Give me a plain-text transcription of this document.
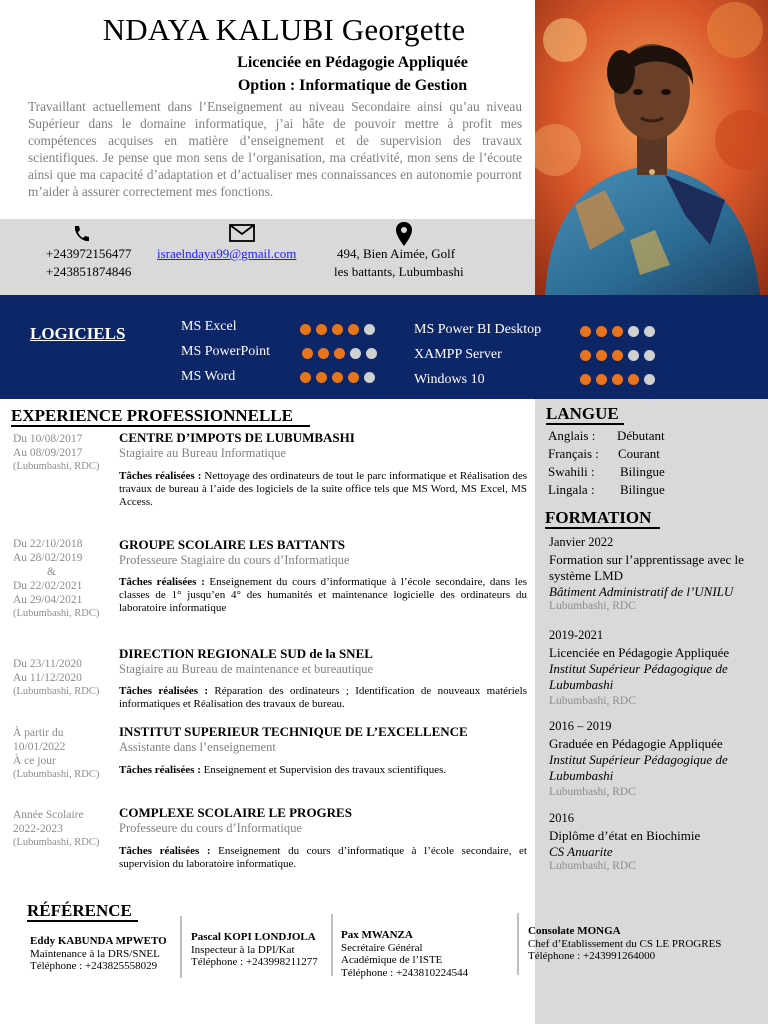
NDAYA KALUBI Georgette
Licenciée en Pédagogie Appliquée
Option : Informatique de Gestion
Travaillant actuellement dans l’Enseignement au niveau Secondaire ainsi qu’au niveau Supérieur dans le domaine informatique, j’ai hâte de pouvoir mettre à profit mes compétences acquises en matière d’enseignement et de supervision des travaux scientifiques. Je pense que mon sens de l’organisation, ma créativité, mon sens de l’écoute ainsi que ma capacité d’adaptation et d’actualiser mes connaissances en autonomie pourront m’aider à assurer correctement mes fonctions.
+243972156477
+243851874846
israelndaya99@gmail.com	494, Bien Aimée, Golf
les battants, Lubumbashi
LOGICIELS	MS Excel
MS PowerPoint
MS Word
MS Power BI Desktop
XAMPP Server
Windows 10
LANGUE
Anglais :	Débutant
Français :	Courant
Swahili :	Bilingue
Lingala :	Bilingue
FORMATION
Janvier 2022
Formation sur l’apprentissage avec le système LMD
Bâtiment Administratif de l’UNILU
Lubumbashi, RDC
2019-2021
Licenciée en Pédagogie Appliquée
Institut Supérieur Pédagogique de Lubumbashi
Lubumbashi, RDC
2016 – 2019
Graduée en Pédagogie Appliquée
Institut Supérieur Pédagogique de Lubumbashi
Lubumbashi, RDC
2016
Diplôme d’état en Biochimie
CS Anuarite
Lubumbashi, RDC
EXPERIENCE PROFESSIONNELLE
Du 10/08/2017
Au 08/09/2017
(Lubumbashi, RDC)
CENTRE D’IMPOTS DE LUBUMBASHI
Stagiaire au Bureau Informatique
Tâches réalisées : Nettoyage des ordinateurs de tout le parc informatique et Réalisation des travaux de bureau à l’aide des logiciels de la suite office tels que MS Word, MS Excel, MS Access.
Du 22/10/2018
Au 28/02/2019
&
Du 22/02/2021
Au 29/04/2021
(Lubumbashi, RDC)
GROUPE SCOLAIRE LES BATTANTS
Professeure Stagiaire du cours d’Informatique
Tâches réalisées : Enseignement du cours d’informatique à l’école secondaire, dans les classes de 1° jusqu’en 4° des humanités et maintenance logicielle des ordinateurs du laboratoire informatique
Du 23/11/2020
Au 11/12/2020
(Lubumbashi, RDC)
DIRECTION REGIONALE SUD de la SNEL
Stagiaire au Bureau de maintenance et bureautique
Tâches réalisées : Réparation des ordinateurs ; Identification de nouveaux matériels informatiques et Réalisation des travaux de bureau.
À partir du
10/01/2022
À ce jour
(Lubumbashi, RDC)
INSTITUT SUPERIEUR TECHNIQUE DE L’EXCELLENCE
Assistante dans l’enseignement
Tâches réalisées : Enseignement et Supervision des travaux scientifiques.
Année Scolaire
2022-2023
(Lubumbashi, RDC)
COMPLEXE SCOLAIRE LE PROGRES
Professeure du cours d’Informatique
Tâches réalisées : Enseignement du cours d’informatique à l’école secondaire, et supervision du laboratoire informatique.
RÉFÉRENCE
Eddy KABUNDA MPWETO
Maintenance à la DRS/SNEL
Téléphone : +243825558029
Pascal KOPI LONDJOLA
Inspecteur à la DPI/Kat
Téléphone : +243998211277
Pax MWANZA
Secrétaire Général Académique de l’ISTE
Téléphone : +243810224544
Consolate MONGA
Chef d’Etablissement du CS LE PROGRES
Téléphone : +243991264000
